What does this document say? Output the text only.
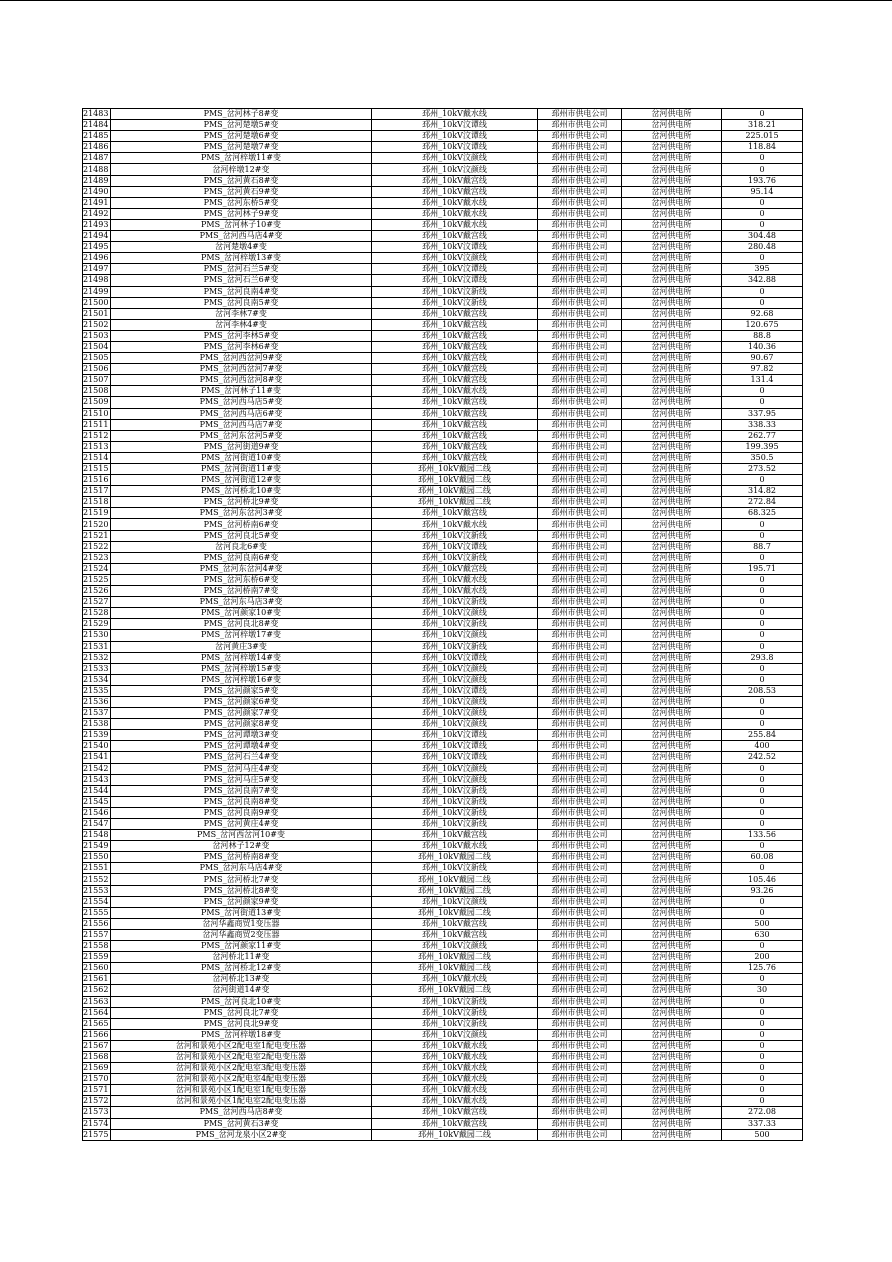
21483	PMS_岔河林子8#变	邳州_10kV戴水线	邳州市供电公司	岔河供电所	0
21484	PMS_岔河楚墩5#变	邳州_10kV汶谭线	邳州市供电公司	岔河供电所	318.21
21485	PMS_岔河楚墩6#变	邳州_10kV汶谭线	邳州市供电公司	岔河供电所	225.015
21486	PMS_岔河楚墩7#变	邳州_10kV汶谭线	邳州市供电公司	岔河供电所	118.84
21487	PMS_岔河梓墩11#变	邳州_10kV汶颜线	邳州市供电公司	岔河供电所	0
21488	岔河梓墩12#变	邳州_10kV汶颜线	邳州市供电公司	岔河供电所	0
21489	PMS_岔河黄石8#变	邳州_10kV戴宫线	邳州市供电公司	岔河供电所	193.76
21490	PMS_岔河黄石9#变	邳州_10kV戴宫线	邳州市供电公司	岔河供电所	95.14
21491	PMS_岔河东桥5#变	邳州_10kV戴水线	邳州市供电公司	岔河供电所	0
21492	PMS_岔河林子9#变	邳州_10kV戴水线	邳州市供电公司	岔河供电所	0
21493	PMS_岔河林子10#变	邳州_10kV戴水线	邳州市供电公司	岔河供电所	0
21494	PMS_岔河西马店4#变	邳州_10kV戴宫线	邳州市供电公司	岔河供电所	304.48
21495	岔河楚墩4#变	邳州_10kV汶谭线	邳州市供电公司	岔河供电所	280.48
21496	PMS_岔河梓墩13#变	邳州_10kV汶颜线	邳州市供电公司	岔河供电所	0
21497	PMS_岔河石兰5#变	邳州_10kV汶谭线	邳州市供电公司	岔河供电所	395
21498	PMS_岔河石兰6#变	邳州_10kV汶谭线	邳州市供电公司	岔河供电所	342.88
21499	PMS_岔河良南4#变	邳州_10kV汶新线	邳州市供电公司	岔河供电所	0
21500	PMS_岔河良南5#变	邳州_10kV汶新线	邳州市供电公司	岔河供电所	0
21501	岔河李林7#变	邳州_10kV戴宫线	邳州市供电公司	岔河供电所	92.68
21502	岔河李林4#变	邳州_10kV戴宫线	邳州市供电公司	岔河供电所	120.675
21503	PMS_岔河李林5#变	邳州_10kV戴宫线	邳州市供电公司	岔河供电所	88.8
21504	PMS_岔河李林6#变	邳州_10kV戴宫线	邳州市供电公司	岔河供电所	140.36
21505	PMS_岔河西岔河9#变	邳州_10kV戴宫线	邳州市供电公司	岔河供电所	90.67
21506	PMS_岔河西岔河7#变	邳州_10kV戴宫线	邳州市供电公司	岔河供电所	97.82
21507	PMS_岔河西岔河8#变	邳州_10kV戴宫线	邳州市供电公司	岔河供电所	131.4
21508	PMS_岔河林子11#变	邳州_10kV戴水线	邳州市供电公司	岔河供电所	0
21509	PMS_岔河西马店5#变	邳州_10kV戴宫线	邳州市供电公司	岔河供电所	0
21510	PMS_岔河西马店6#变	邳州_10kV戴宫线	邳州市供电公司	岔河供电所	337.95
21511	PMS_岔河西马店7#变	邳州_10kV戴宫线	邳州市供电公司	岔河供电所	338.33
21512	PMS_岔河东岔河5#变	邳州_10kV戴宫线	邳州市供电公司	岔河供电所	262.77
21513	PMS_岔河街道9#变	邳州_10kV戴宫线	邳州市供电公司	岔河供电所	199.395
21514	PMS_岔河街道10#变	邳州_10kV戴宫线	邳州市供电公司	岔河供电所	350.5
21515	PMS_岔河街道11#变	邳州_10kV戴园二线	邳州市供电公司	岔河供电所	273.52
21516	PMS_岔河街道12#变	邳州_10kV戴园二线	邳州市供电公司	岔河供电所	0
21517	PMS_岔河桥北10#变	邳州_10kV戴园二线	邳州市供电公司	岔河供电所	314.82
21518	PMS_岔河桥北9#变	邳州_10kV戴园二线	邳州市供电公司	岔河供电所	272.84
21519	PMS_岔河东岔河3#变	邳州_10kV戴宫线	邳州市供电公司	岔河供电所	68.325
21520	PMS_岔河桥南6#变	邳州_10kV戴水线	邳州市供电公司	岔河供电所	0
21521	PMS_岔河良北5#变	邳州_10kV汶新线	邳州市供电公司	岔河供电所	0
21522	岔河良北6#变	邳州_10kV汶谭线	邳州市供电公司	岔河供电所	88.7
21523	PMS_岔河良南6#变	邳州_10kV汶新线	邳州市供电公司	岔河供电所	0
21524	PMS_岔河东岔河4#变	邳州_10kV戴宫线	邳州市供电公司	岔河供电所	195.71
21525	PMS_岔河东桥6#变	邳州_10kV戴水线	邳州市供电公司	岔河供电所	0
21526	PMS_岔河桥南7#变	邳州_10kV戴水线	邳州市供电公司	岔河供电所	0
21527	PMS_岔河东马店3#变	邳州_10kV汶新线	邳州市供电公司	岔河供电所	0
21528	PMS_岔河颜家10#变	邳州_10kV汶颜线	邳州市供电公司	岔河供电所	0
21529	PMS_岔河良北8#变	邳州_10kV汶新线	邳州市供电公司	岔河供电所	0
21530	PMS_岔河梓墩17#变	邳州_10kV汶颜线	邳州市供电公司	岔河供电所	0
21531	岔河黄庄3#变	邳州_10kV汶新线	邳州市供电公司	岔河供电所	0
21532	PMS_岔河梓墩14#变	邳州_10kV汶谭线	邳州市供电公司	岔河供电所	293.8
21533	PMS_岔河梓墩15#变	邳州_10kV汶颜线	邳州市供电公司	岔河供电所	0
21534	PMS_岔河梓墩16#变	邳州_10kV汶颜线	邳州市供电公司	岔河供电所	0
21535	PMS_岔河颜家5#变	邳州_10kV汶谭线	邳州市供电公司	岔河供电所	208.53
21536	PMS_岔河颜家6#变	邳州_10kV汶颜线	邳州市供电公司	岔河供电所	0
21537	PMS_岔河颜家7#变	邳州_10kV汶颜线	邳州市供电公司	岔河供电所	0
21538	PMS_岔河颜家8#变	邳州_10kV汶颜线	邳州市供电公司	岔河供电所	0
21539	PMS_岔河谭墩3#变	邳州_10kV汶谭线	邳州市供电公司	岔河供电所	255.84
21540	PMS_岔河谭墩4#变	邳州_10kV汶谭线	邳州市供电公司	岔河供电所	400
21541	PMS_岔河石兰4#变	邳州_10kV汶谭线	邳州市供电公司	岔河供电所	242.52
21542	PMS_岔河马庄4#变	邳州_10kV汶颜线	邳州市供电公司	岔河供电所	0
21543	PMS_岔河马庄5#变	邳州_10kV汶颜线	邳州市供电公司	岔河供电所	0
21544	PMS_岔河良南7#变	邳州_10kV汶新线	邳州市供电公司	岔河供电所	0
21545	PMS_岔河良南8#变	邳州_10kV汶新线	邳州市供电公司	岔河供电所	0
21546	PMS_岔河良南9#变	邳州_10kV汶新线	邳州市供电公司	岔河供电所	0
21547	PMS_岔河黄庄4#变	邳州_10kV汶新线	邳州市供电公司	岔河供电所	0
21548	PMS_岔河西岔河10#变	邳州_10kV戴宫线	邳州市供电公司	岔河供电所	133.56
21549	岔河林子12#变	邳州_10kV戴水线	邳州市供电公司	岔河供电所	0
21550	PMS_岔河桥南8#变	邳州_10kV戴园二线	邳州市供电公司	岔河供电所	60.08
21551	PMS_岔河东马店4#变	邳州_10kV汶新线	邳州市供电公司	岔河供电所	0
21552	PMS_岔河桥北7#变	邳州_10kV戴园二线	邳州市供电公司	岔河供电所	105.46
21553	PMS_岔河桥北8#变	邳州_10kV戴园二线	邳州市供电公司	岔河供电所	93.26
21554	PMS_岔河颜家9#变	邳州_10kV汶颜线	邳州市供电公司	岔河供电所	0
21555	PMS_岔河街道13#变	邳州_10kV戴园二线	邳州市供电公司	岔河供电所	0
21556	岔河华鑫商贸1变压器	邳州_10kV戴宫线	邳州市供电公司	岔河供电所	500
21557	岔河华鑫商贸2变压器	邳州_10kV戴宫线	邳州市供电公司	岔河供电所	630
21558	PMS_岔河颜家11#变	邳州_10kV汶颜线	邳州市供电公司	岔河供电所	0
21559	岔河桥北11#变	邳州_10kV戴园二线	邳州市供电公司	岔河供电所	200
21560	PMS_岔河桥北12#变	邳州_10kV戴园二线	邳州市供电公司	岔河供电所	125.76
21561	岔河桥北13#变	邳州_10kV戴水线	邳州市供电公司	岔河供电所	0
21562	岔河街道14#变	邳州_10kV戴园二线	邳州市供电公司	岔河供电所	30
21563	PMS_岔河良北10#变	邳州_10kV汶新线	邳州市供电公司	岔河供电所	0
21564	PMS_岔河良北7#变	邳州_10kV汶新线	邳州市供电公司	岔河供电所	0
21565	PMS_岔河良北9#变	邳州_10kV汶新线	邳州市供电公司	岔河供电所	0
21566	PMS_岔河梓墩18#变	邳州_10kV汶颜线	邳州市供电公司	岔河供电所	0
21567	岔河和景苑小区2配电室1配电变压器	邳州_10kV戴水线	邳州市供电公司	岔河供电所	0
21568	岔河和景苑小区2配电室2配电变压器	邳州_10kV戴水线	邳州市供电公司	岔河供电所	0
21569	岔河和景苑小区2配电室3配电变压器	邳州_10kV戴水线	邳州市供电公司	岔河供电所	0
21570	岔河和景苑小区2配电室4配电变压器	邳州_10kV戴水线	邳州市供电公司	岔河供电所	0
21571	岔河和景苑小区1配电室1配电变压器	邳州_10kV戴水线	邳州市供电公司	岔河供电所	0
21572	岔河和景苑小区1配电室2配电变压器	邳州_10kV戴水线	邳州市供电公司	岔河供电所	0
21573	PMS_岔河西马店8#变	邳州_10kV戴宫线	邳州市供电公司	岔河供电所	272.08
21574	PMS_岔河黄石3#变	邳州_10kV戴宫线	邳州市供电公司	岔河供电所	337.33
21575	PMS_岔河龙泉小区2#变	邳州_10kV戴园二线	邳州市供电公司	岔河供电所	500
